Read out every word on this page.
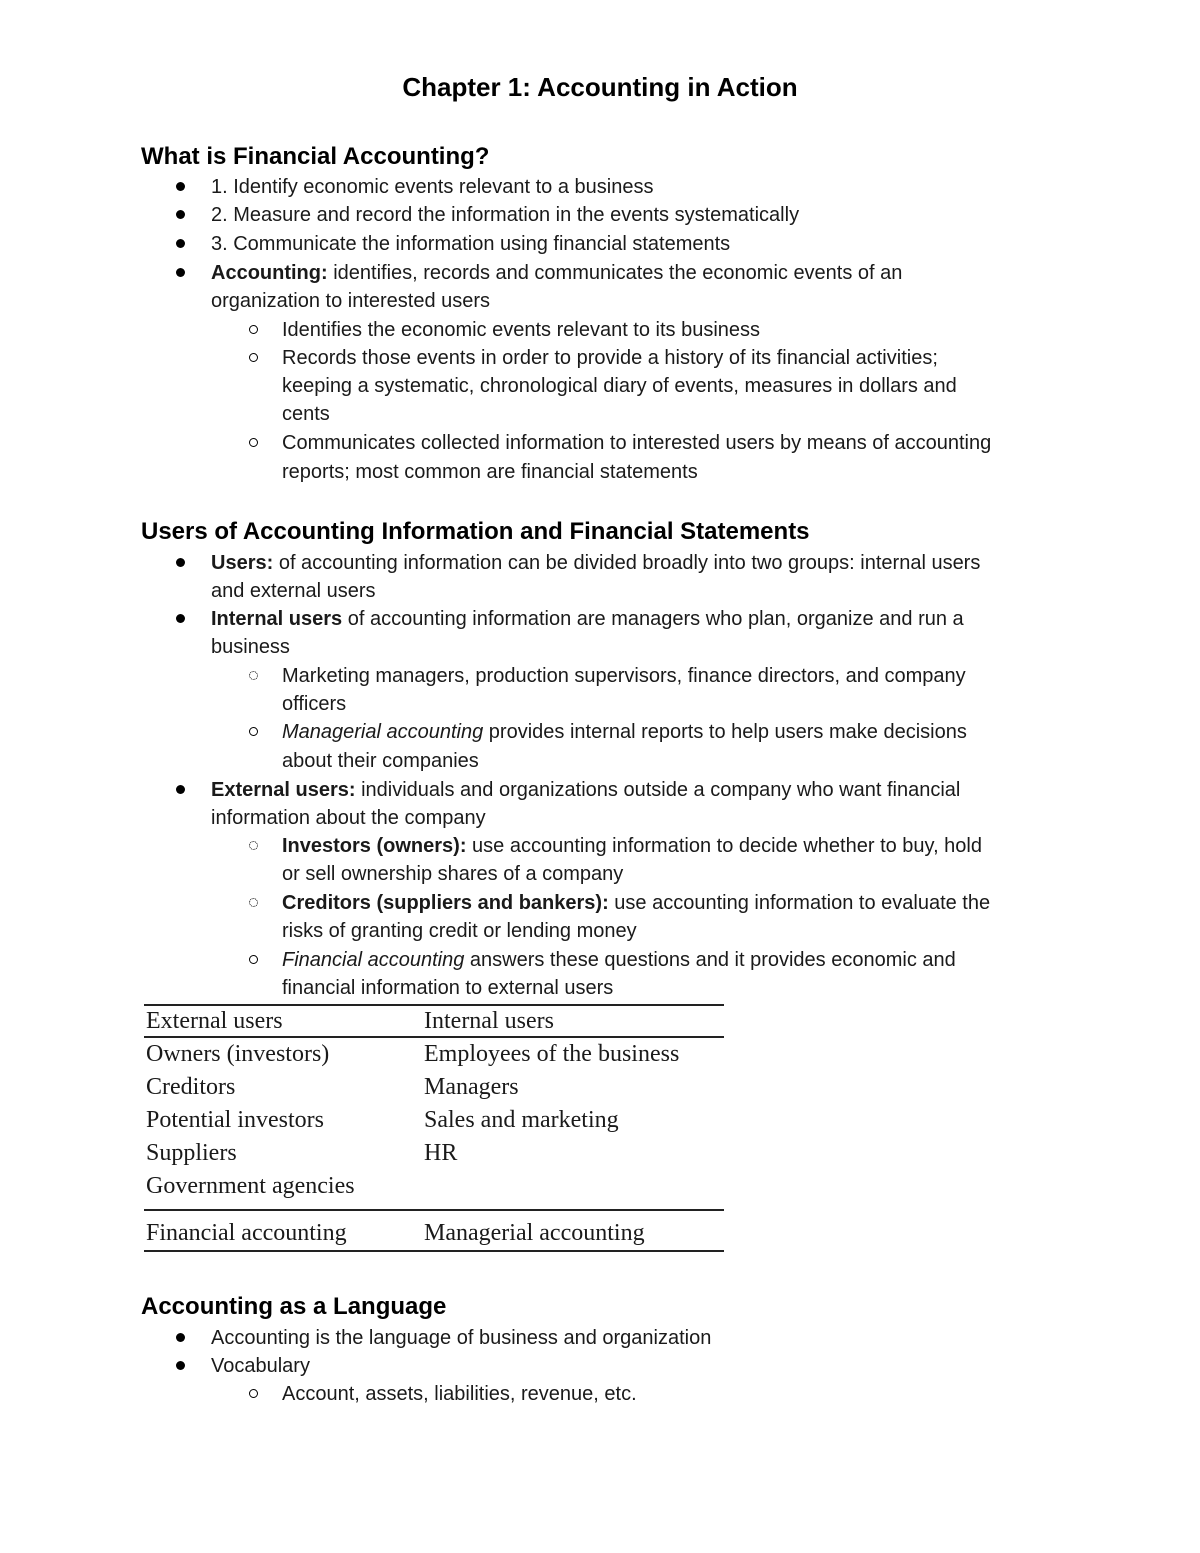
Chapter 1: Accounting in Action
What is Financial Accounting?
1. Identify economic events relevant to a business
2. Measure and record the information in the events systematically
3. Communicate the information using financial statements
Accounting: identifies, records and communicates the economic events of an
organization to interested users
Identifies the economic events relevant to its business
Records those events in order to provide a history of its financial activities;
keeping a systematic, chronological diary of events, measures in dollars and
cents
Communicates collected information to interested users by means of accounting
reports; most common are financial statements
Users of Accounting Information and Financial Statements
Users: of accounting information can be divided broadly into two groups: internal users
and external users
Internal users of accounting information are managers who plan, organize and run a
business
Marketing managers, production supervisors, finance directors, and company
officers
Managerial accounting provides internal reports to help users make decisions
about their companies
External users: individuals and organizations outside a company who want financial
information about the company
Investors (owners): use accounting information to decide whether to buy, hold
or sell ownership shares of a company
Creditors (suppliers and bankers): use accounting information to evaluate the
risks of granting credit or lending money
Financial accounting answers these questions and it provides economic and
financial information to external users
External users	Internal users
Owners (investors)	Employees of the business
Creditors	Managers
Potential investors	Sales and marketing
Suppliers	HR
Government agencies
Financial accounting	Managerial accounting
Accounting as a Language
Accounting is the language of business and organization
Vocabulary
Account, assets, liabilities, revenue, etc.
